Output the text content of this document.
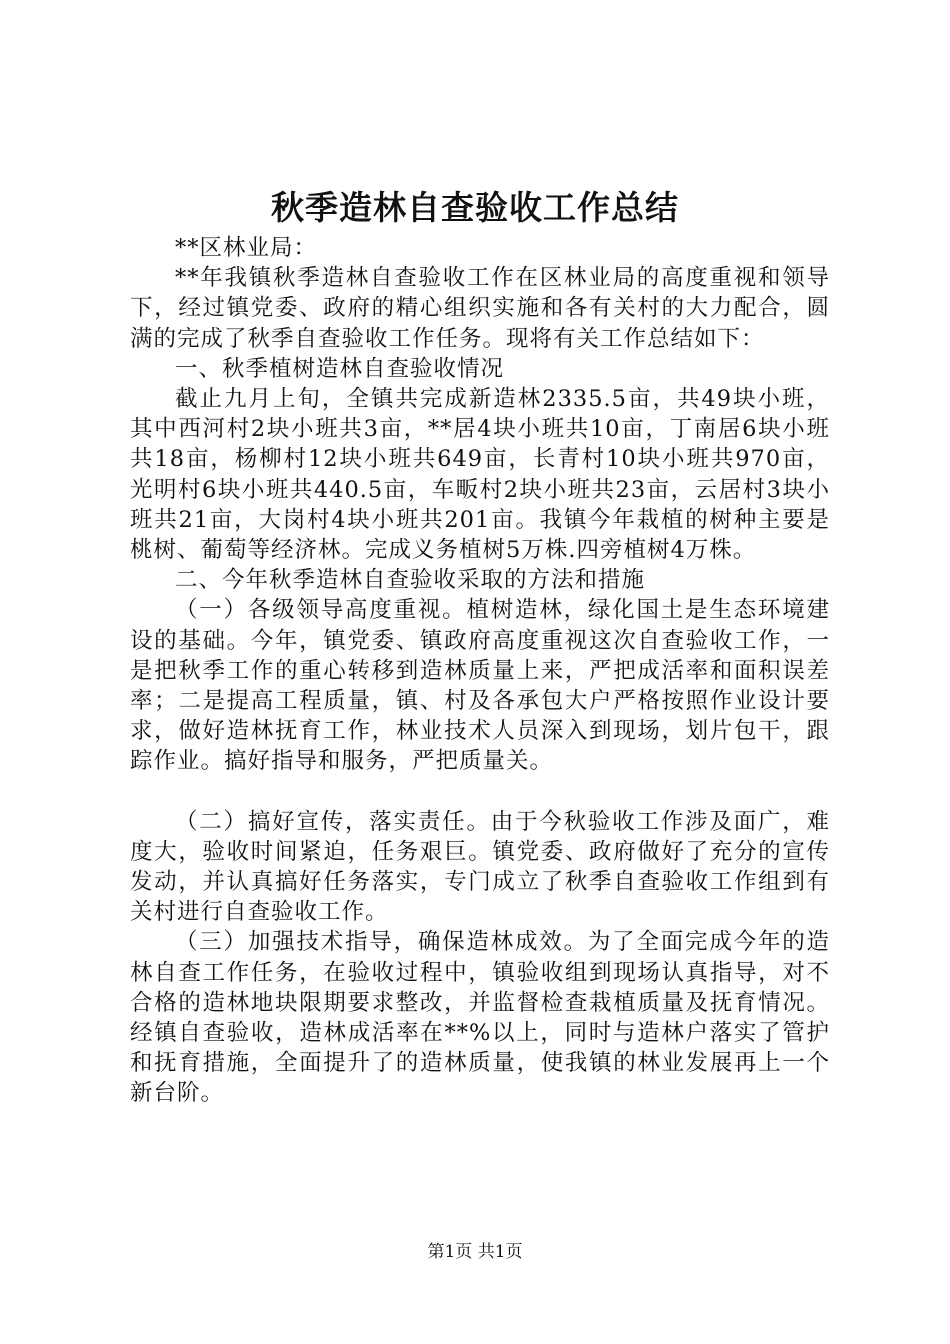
秋季造林自查验收工作总结

**区林业局：

**年我镇秋季造林自查验收工作在区林业局的高度重视和领导下，经过镇党委、政府的精心组织实施和各有关村的大力配合，圆满的完成了秋季自查验收工作任务。现将有关工作总结如下：

一、秋季植树造林自查验收情况

截止九月上旬，全镇共完成新造林2335.5亩，共49块小班，其中西河村2块小班共3亩，**居4块小班共10亩，丁南居6块小班共18亩，杨柳村12块小班共649亩，长青村10块小班共970亩，光明村6块小班共440.5亩，车畈村2块小班共23亩，云居村3块小班共21亩，大岗村4块小班共201亩。我镇今年栽植的树种主要是桃树、葡萄等经济林。完成义务植树5万株.四旁植树4万株。

二、今年秋季造林自查验收采取的方法和措施

（一）各级领导高度重视。植树造林，绿化国土是生态环境建设的基础。今年，镇党委、镇政府高度重视这次自查验收工作，一是把秋季工作的重心转移到造林质量上来，严把成活率和面积误差率；二是提高工程质量，镇、村及各承包大户严格按照作业设计要求，做好造林抚育工作，林业技术人员深入到现场，划片包干，跟踪作业。搞好指导和服务，严把质量关。

（二）搞好宣传，落实责任。由于今秋验收工作涉及面广，难度大，验收时间紧迫，任务艰巨。镇党委、政府做好了充分的宣传发动，并认真搞好任务落实，专门成立了秋季自查验收工作组到有关村进行自查验收工作。

（三）加强技术指导，确保造林成效。为了全面完成今年的造林自查工作任务，在验收过程中，镇验收组到现场认真指导，对不合格的造林地块限期要求整改，并监督检查栽植质量及抚育情况。经镇自查验收，造林成活率在**%以上，同时与造林户落实了管护和抚育措施，全面提升了的造林质量，使我镇的林业发展再上一个新台阶。

第1页 共1页
